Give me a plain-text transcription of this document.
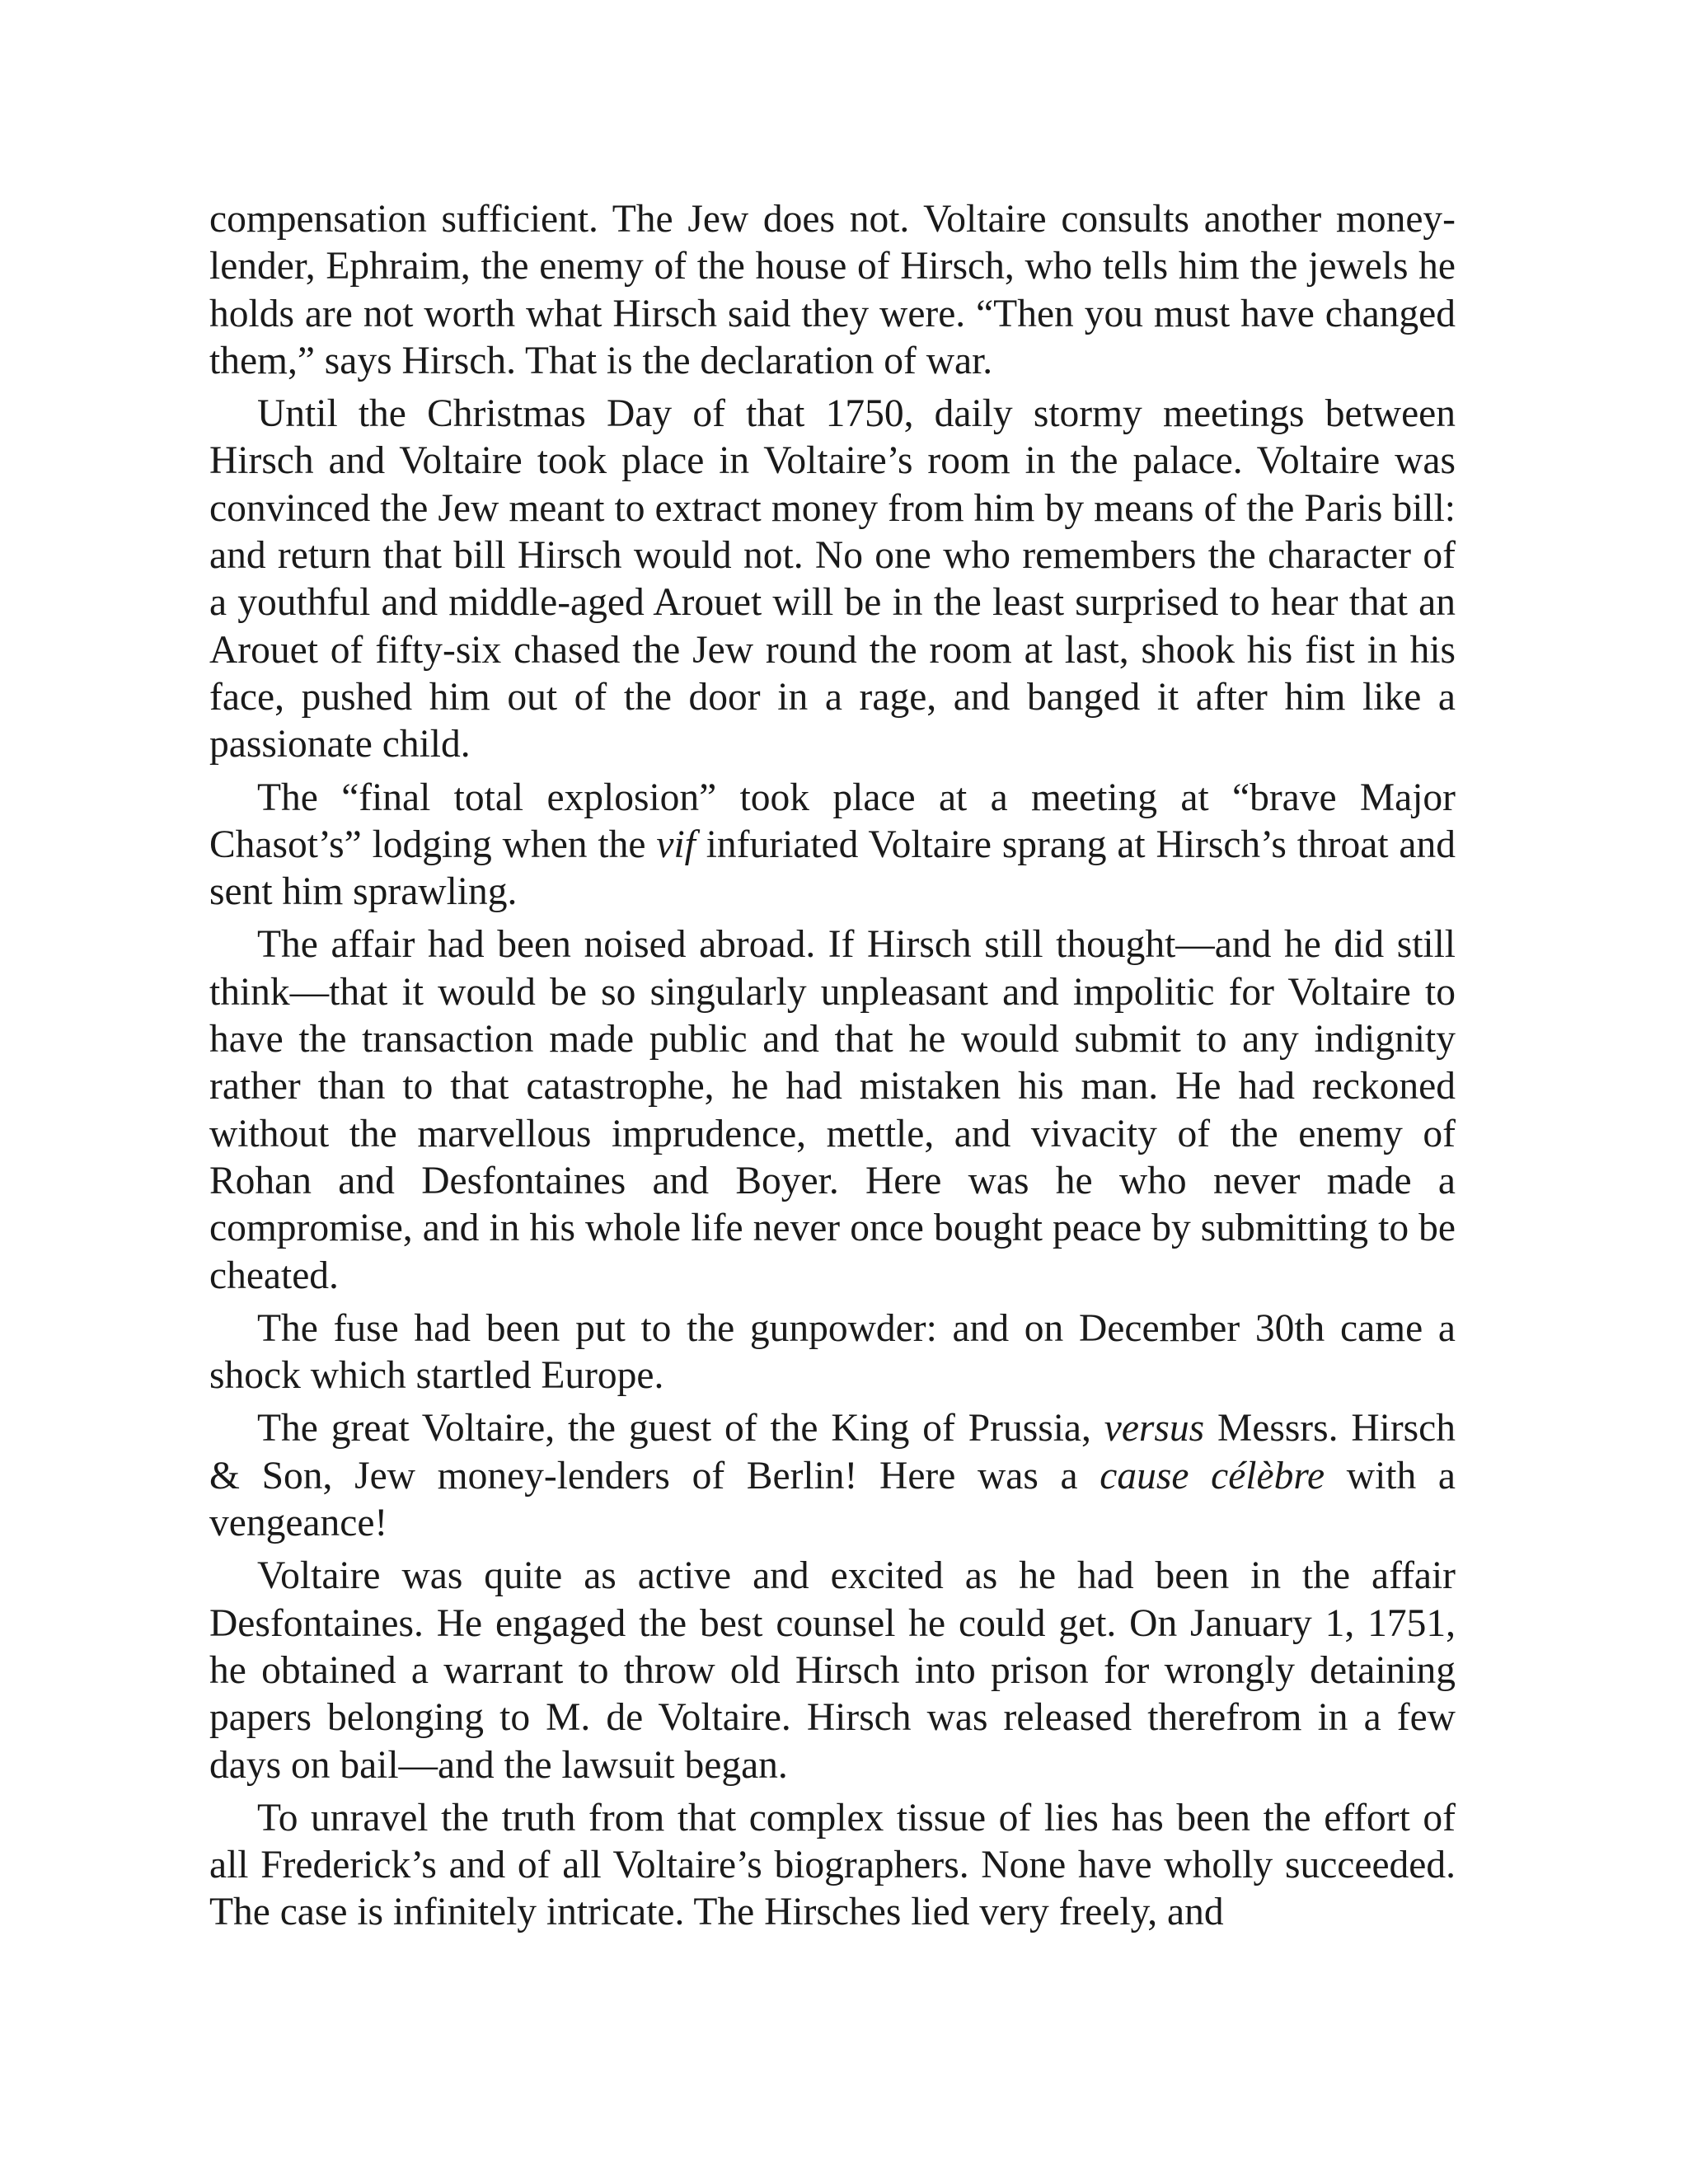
compensation sufficient. The Jew does not. Voltaire consults another money-lender, Ephraim, the enemy of the house of Hirsch, who tells him the jewels he holds are not worth what Hirsch said they were. “Then you must have changed them,” says Hirsch. That is the declaration of war.

Until the Christmas Day of that 1750, daily stormy meetings between Hirsch and Voltaire took place in Voltaire’s room in the palace. Voltaire was convinced the Jew meant to extract money from him by means of the Paris bill: and return that bill Hirsch would not. No one who remembers the character of a youthful and middle-aged Arouet will be in the least surprised to hear that an Arouet of fifty-six chased the Jew round the room at last, shook his fist in his face, pushed him out of the door in a rage, and banged it after him like a passionate child.

The “final total explosion” took place at a meeting at “brave Major Chasot’s” lodging when the vif infuriated Voltaire sprang at Hirsch’s throat and sent him sprawling.

The affair had been noised abroad. If Hirsch still thought—and he did still think—that it would be so singularly unpleasant and impolitic for Voltaire to have the transaction made public and that he would submit to any indignity rather than to that catastrophe, he had mistaken his man. He had reckoned without the marvellous imprudence, mettle, and vivacity of the enemy of Rohan and Desfontaines and Boyer. Here was he who never made a compromise, and in his whole life never once bought peace by submitting to be cheated.

The fuse had been put to the gunpowder: and on December 30th came a shock which startled Europe.

The great Voltaire, the guest of the King of Prussia, versus Messrs. Hirsch & Son, Jew money-lenders of Berlin! Here was a cause célèbre with a vengeance!

Voltaire was quite as active and excited as he had been in the affair Desfontaines. He engaged the best counsel he could get. On January 1, 1751, he obtained a warrant to throw old Hirsch into prison for wrongly detaining papers belonging to M. de Voltaire. Hirsch was released therefrom in a few days on bail—and the lawsuit began.

To unravel the truth from that complex tissue of lies has been the effort of all Frederick’s and of all Voltaire’s biographers. None have wholly succeeded. The case is infinitely intricate. The Hirsches lied very freely, and
